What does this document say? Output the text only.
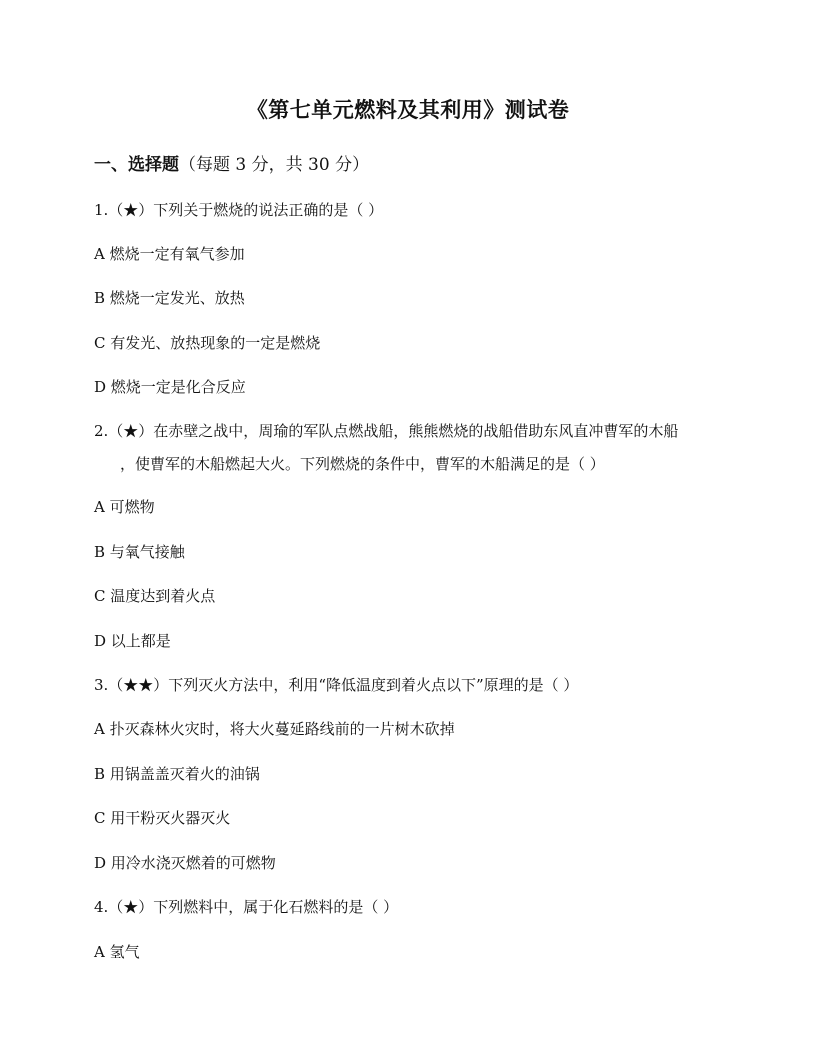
《第七单元燃料及其利用》测试卷
一、选择题（每题 3 分，共 30 分）
1.（★）下列关于燃烧的说法正确的是（ ）
A 燃烧一定有氧气参加
B 燃烧一定发光、放热
C 有发光、放热现象的一定是燃烧
D 燃烧一定是化合反应
2.（★）在赤壁之战中，周瑜的军队点燃战船，熊熊燃烧的战船借助东风直冲曹军的木船
，使曹军的木船燃起大火。下列燃烧的条件中，曹军的木船满足的是（ ）
A 可燃物
B 与氧气接触
C 温度达到着火点
D 以上都是
3.（★★）下列灭火方法中，利用“降低温度到着火点以下”原理的是（ ）
A 扑灭森林火灾时，将大火蔓延路线前的一片树木砍掉
B 用锅盖盖灭着火的油锅
C 用干粉灭火器灭火
D 用冷水浇灭燃着的可燃物
4.（★）下列燃料中，属于化石燃料的是（ ）
A 氢气
